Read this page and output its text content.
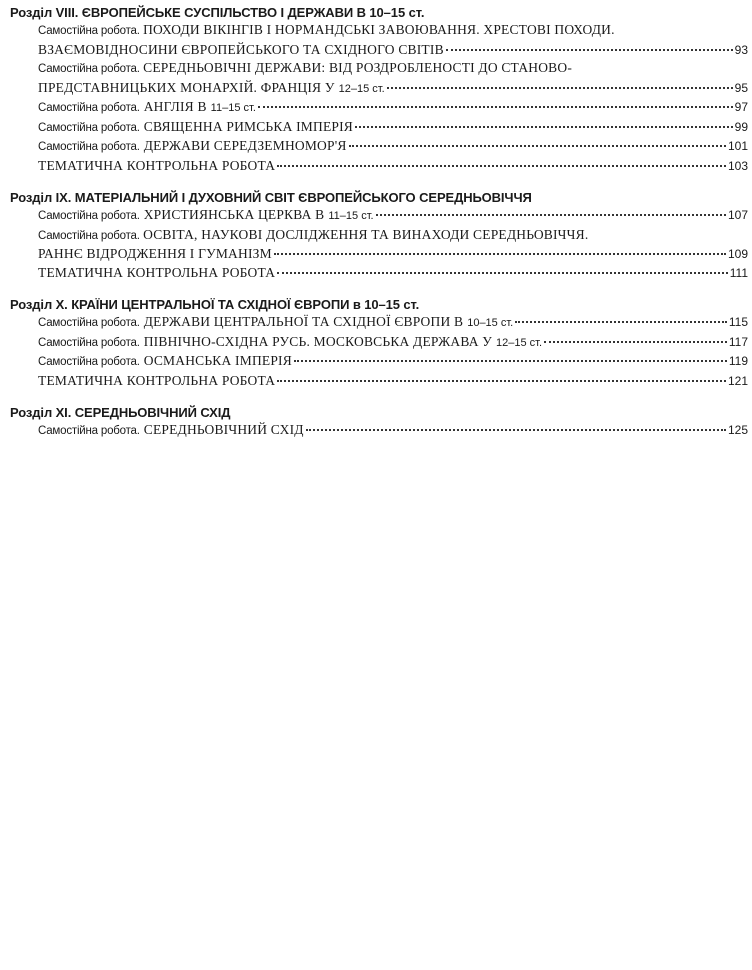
Розділ VIII. ЄВРОПЕЙСЬКЕ СУСПІЛЬСТВО І ДЕРЖАВИ В 10–15 ст.
Самостійна робота. ПОХОДИ ВІКІНГІВ І НОРМАНДСЬКІ ЗАВОЮВАННЯ. ХРЕСТОВІ ПОХОДИ.
ВЗАЄМОВІДНОСИНИ ЄВРОПЕЙСЬКОГО ТА СХІДНОГО СВІТІВ	93
Самостійна робота. СЕРЕДНЬОВІЧНІ ДЕРЖАВИ: ВІД РОЗДРОБЛЕНОСТІ ДО СТАНОВО-
ПРЕДСТАВНИЦЬКИХ МОНАРХІЙ. ФРАНЦІЯ У 12–15 ст.	95
Самостійна робота. АНГЛІЯ В 11–15 ст.	97
Самостійна робота. СВЯЩЕННА РИМСЬКА ІМПЕРІЯ	99
Самостійна робота. ДЕРЖАВИ СЕРЕДЗЕМНОМОР'Я	101
ТЕМАТИЧНА КОНТРОЛЬНА РОБОТА	103
Розділ IX. МАТЕРІАЛЬНИЙ І ДУХОВНИЙ СВІТ ЄВРОПЕЙСЬКОГО СЕРЕДНЬОВІЧЧЯ
Самостійна робота. ХРИСТИЯНСЬКА ЦЕРКВА В 11–15 ст.	107
Самостійна робота. ОСВІТА, НАУКОВІ ДОСЛІДЖЕННЯ ТА ВИНАХОДИ СЕРЕДНЬОВІЧЧЯ.
РАННЄ ВІДРОДЖЕННЯ І ГУМАНІЗМ	109
ТЕМАТИЧНА КОНТРОЛЬНА РОБОТА	111
Розділ X. КРАЇНИ ЦЕНТРАЛЬНОЇ ТА СХІДНОЇ ЄВРОПИ в 10–15 ст.
Самостійна робота. ДЕРЖАВИ ЦЕНТРАЛЬНОЇ ТА СХІДНОЇ ЄВРОПИ В 10–15 ст.	115
Самостійна робота. ПІВНІЧНО-СХІДНА РУСЬ. МОСКОВСЬКА ДЕРЖАВА У 12–15 ст.	117
Самостійна робота. ОСМАНСЬКА ІМПЕРІЯ	119
ТЕМАТИЧНА КОНТРОЛЬНА РОБОТА	121
Розділ XI. СЕРЕДНЬОВІЧНИЙ СХІД
Самостійна робота. СЕРЕДНЬОВІЧНИЙ СХІД	125
